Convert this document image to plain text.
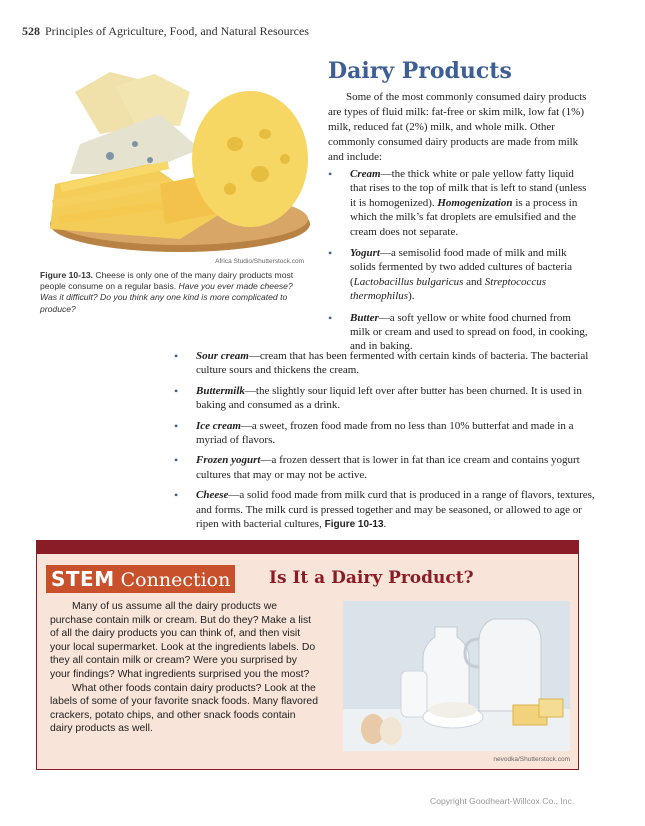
528 Principles of Agriculture, Food, and Natural Resources
Africa Studio/Shutterstock.com
Figure 10-13. Cheese is only one of the many dairy products most people consume on a regular basis. Have you ever made cheese? Was it difficult? Do you think any one kind is more complicated to produce?
Dairy Products

Some of the most commonly consumed dairy products are types of fluid milk: fat-free or skim milk, low fat (1%) milk, reduced fat (2%) milk, and whole milk. Other commonly consumed dairy products are made from milk and include:

• Cream—the thick white or pale yellow fatty liquid that rises to the top of milk that is left to stand (unless it is homogenized). Homogenization is a process in which the milk’s fat droplets are emulsified and the cream does not separate.
• Yogurt—a semisolid food made of milk and milk solids fermented by two added cultures of bacteria (Lactobacillus bulgaricus and Streptococcus thermophilus).
• Butter—a soft yellow or white food churned from milk or cream and used to spread on food, in cooking, and in baking.
• Sour cream—cream that has been fermented with certain kinds of bacteria. The bacterial culture sours and thickens the cream.
• Buttermilk—the slightly sour liquid left over after butter has been churned. It is used in baking and consumed as a drink.
• Ice cream—a sweet, frozen food made from no less than 10% butterfat and made in a myriad of flavors.
• Frozen yogurt—a frozen dessert that is lower in fat than ice cream and contains yogurt cultures that may or may not be active.
• Cheese—a solid food made from milk curd that is produced in a range of flavors, textures, and forms. The milk curd is pressed together and may be seasoned, or allowed to age or ripen with bacterial cultures, Figure 10-13.
STEM Connection Is It a Dairy Product?

Many of us assume all the dairy products we purchase contain milk or cream. But do they? Make a list of all the dairy products you can think of, and then visit your local supermarket. Look at the ingredients labels. Do they all contain milk or cream? Were you surprised by your findings? What ingredients surprised you the most?

What other foods contain dairy products? Look at the labels of some of your favorite snack foods. Many flavored crackers, potato chips, and other snack foods contain dairy products as well.

nevodka/Shutterstock.com
Copyright Goodheart-Willcox Co., Inc.
